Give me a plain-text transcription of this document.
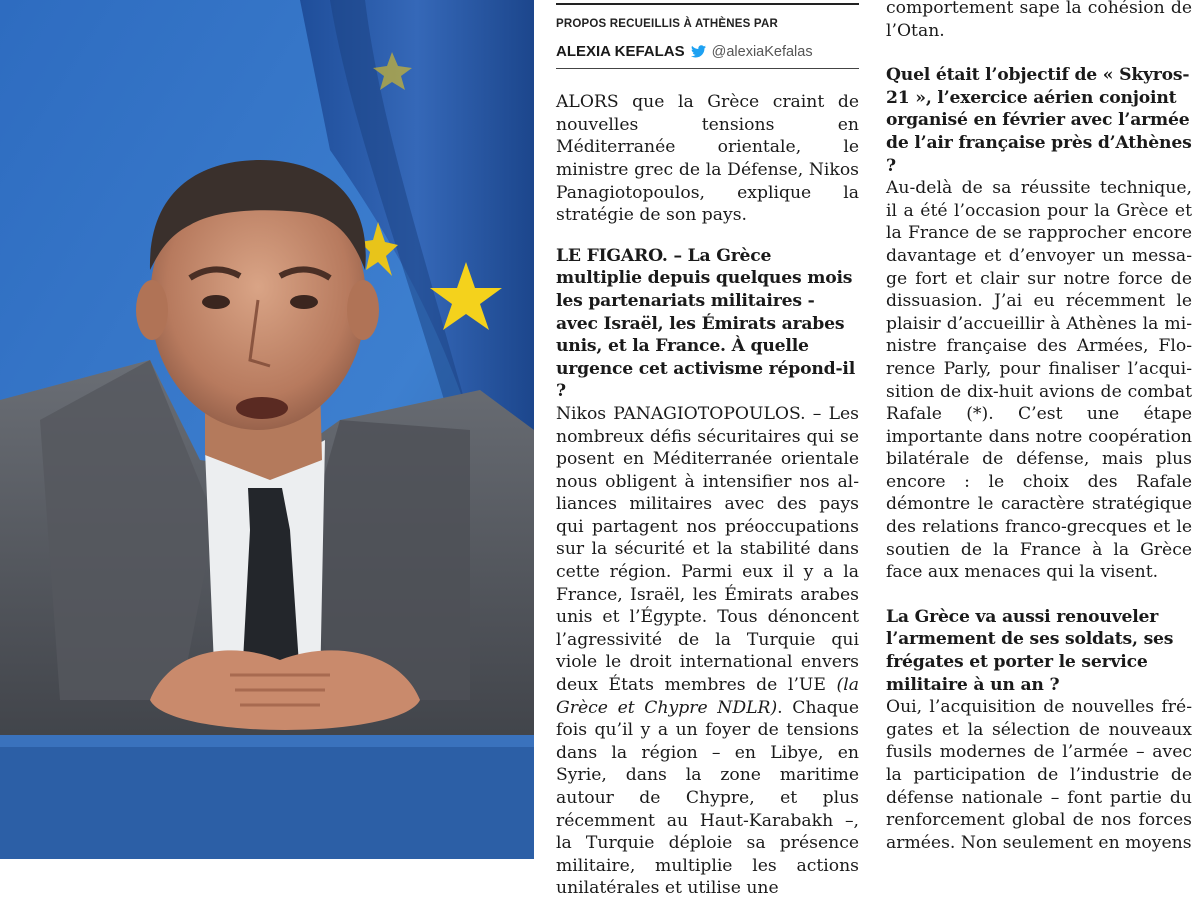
PROPOS RECUEILLIS À ATHÈNES PAR
ALEXIA KEFALAS @alexiaKefalas

ALORS que la Grèce craint de nouvelles tensions en Méditerranée orientale, le ministre grec de la Défense, Nikos Panagiotopoulos, explique la stratégie de son pays.

LE FIGARO. – La Grèce multiplie depuis quelques mois les partenariats militaires - avec Israël, les Émirats arabes unis, et la France. À quelle urgence cet activisme répond-il ?

Nikos PANAGIOTOPOULOS. – Les nombreux défis sécuritaires qui se posent en Méditerranée orientale nous obligent à intensifier nos alliances militaires avec des pays qui partagent nos préoccupations sur la sécurité et la stabilité dans cette région. Parmi eux il y a la France, Israël, les Émirats arabes unis et l’Égypte. Tous dénoncent l’agressivité de la Turquie qui viole le droit international envers deux États membres de l’UE (la Grèce et Chypre NDLR). Chaque fois qu’il y a un foyer de tensions dans la région – en Libye, en Syrie, dans la zone maritime autour de Chypre, et plus récemment au Haut-Karabakh –, la Turquie déploie sa présence militaire, multiplie les actions unilatérales et utilise une

comportement sape la cohésion de l’Otan.

Quel était l’objectif de « Skyros-21 », l’exercice aérien conjoint organisé en février avec l’armée de l’air française près d’Athènes ?

Au-delà de sa réussite technique, il a été l’occasion pour la Grèce et la France de se rapprocher encore davantage et d’envoyer un message fort et clair sur notre force de dissuasion. J’ai eu récemment le plaisir d’accueillir à Athènes la ministre française des Armées, Florence Parly, pour finaliser l’acquisition de dix-huit avions de combat Rafale (*). C’est une étape importante dans notre coopération bilatérale de défense, mais plus encore : le choix des Rafale démontre le caractère stratégique des relations franco-grecques et le soutien de la France à la Grèce face aux menaces qui la visent.

La Grèce va aussi renouveler l’armement de ses soldats, ses frégates et porter le service militaire à un an ?

Oui, l’acquisition de nouvelles frégates et la sélection de nouveaux fusils modernes de l’armée – avec la participation de l’industrie de défense nationale – font partie du renforcement global de nos forces armées. Non seulement en moyens
